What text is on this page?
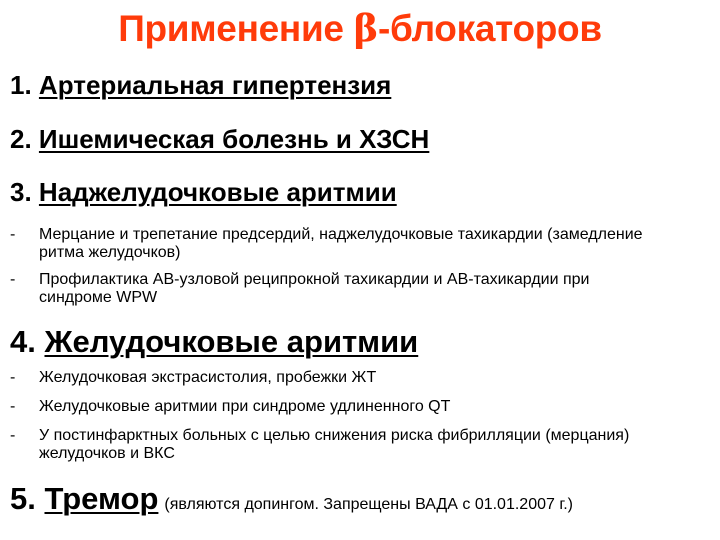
Применение β-блокаторов
1. Артериальная гипертензия
2. Ишемическая болезнь и ХЗСН
3. Наджелудочковые аритмии
- Мерцание и трепетание предсердий, наджелудочковые тахикардии (замедление ритма желудочков)
- Профилактика АВ-узловой реципрокной тахикардии и АВ-тахикардии при синдроме WPW
4. Желудочковые аритмии
- Желудочковая экстрасистолия, пробежки ЖТ
- Желудочковые аритмии при синдроме удлиненного QT
- У постинфарктных больных с целью снижения риска фибрилляции (мерцания) желудочков и ВКС
5. Тремор (являются допингом. Запрещены ВАДА с 01.01.2007 г.)
